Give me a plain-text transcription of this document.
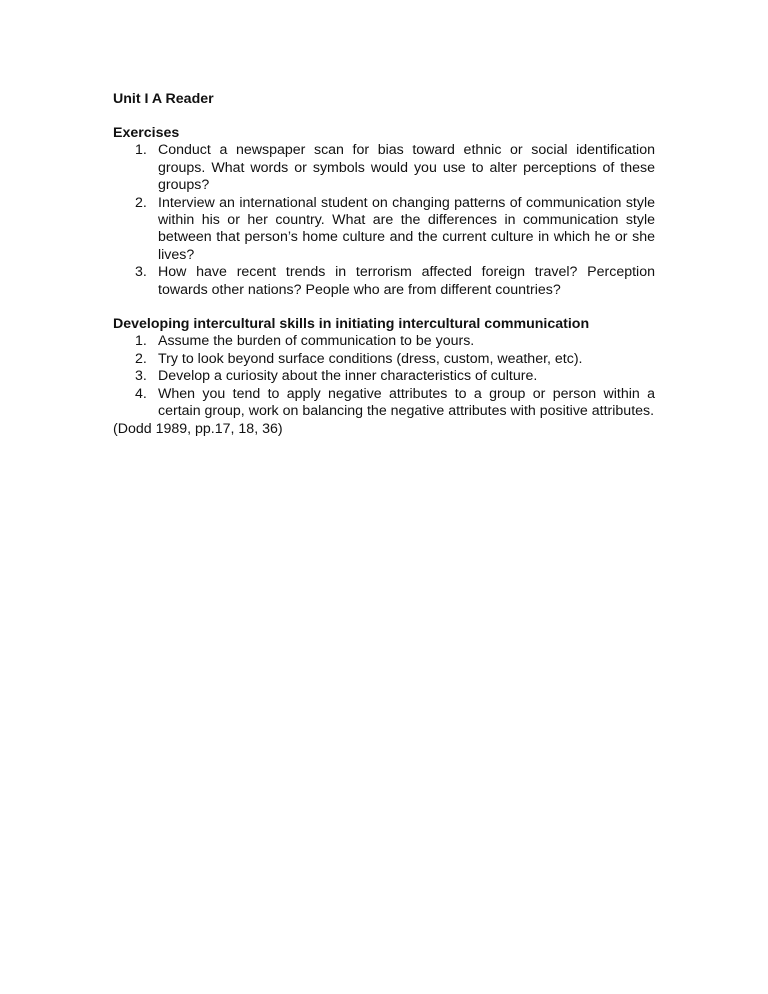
Unit I A Reader
Exercises
1. Conduct a newspaper scan for bias toward ethnic or social identification groups. What words or symbols would you use to alter perceptions of these groups?
2. Interview an international student on changing patterns of communication style within his or her country. What are the differences in communication style between that person’s home culture and the current culture in which he or she lives?
3. How have recent trends in terrorism affected foreign travel? Perception towards other nations? People who are from different countries?
Developing intercultural skills in initiating intercultural communication
1. Assume the burden of communication to be yours.
2. Try to look beyond surface conditions (dress, custom, weather, etc).
3. Develop a curiosity about the inner characteristics of culture.
4. When you tend to apply negative attributes to a group or person within a certain group, work on balancing the negative attributes with positive attributes.
(Dodd 1989, pp.17, 18, 36)
